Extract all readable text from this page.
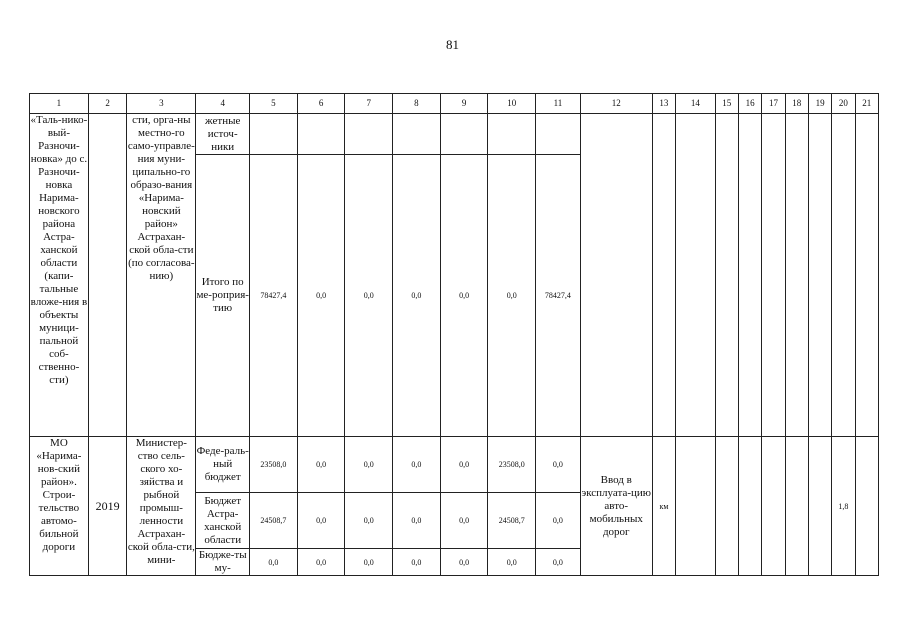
81
1	2	3	4	5	6	7	8	9	10	11	12	13	14	15	16	17	18	19	20	21
«Таль-нико-вый-Разночи-новка» до с. Разночи-новка Нарима-новского района Астра-ханской области (капи-тальные вложе-ния в объекты муници-пальной соб-ственно-сти)		сти, орга-ны местно-го само-управле-ния муни-ципально-го образо-вания «Нарима-новский район» Астрахан-ской обла-сти (по согласова-нию)	жетные источ-ники																	
			Итого по ме-роприя-тию	78427,4	0,0	0,0	0,0	0,0	0,0	78427,4										
МО «Нарима-нов-ский район». Строи-тельство автомо-бильной дороги	2019	Министер-ство сель-ского хо-зяйства и рыбной промыш-ленности Астрахан-ской обла-сти, мини-	Феде-раль-ный бюджет	23508,0	0,0	0,0	0,0	0,0	23508,0	0,0	Ввод в эксплуата-цию авто-мобильных дорог	км							1,8	
			Бюджет Астра-ханской области	24508,7	0,0	0,0	0,0	0,0	24508,7	0,0										
			Бюдже-ты му-	0,0	0,0	0,0	0,0	0,0	0,0	0,0										
